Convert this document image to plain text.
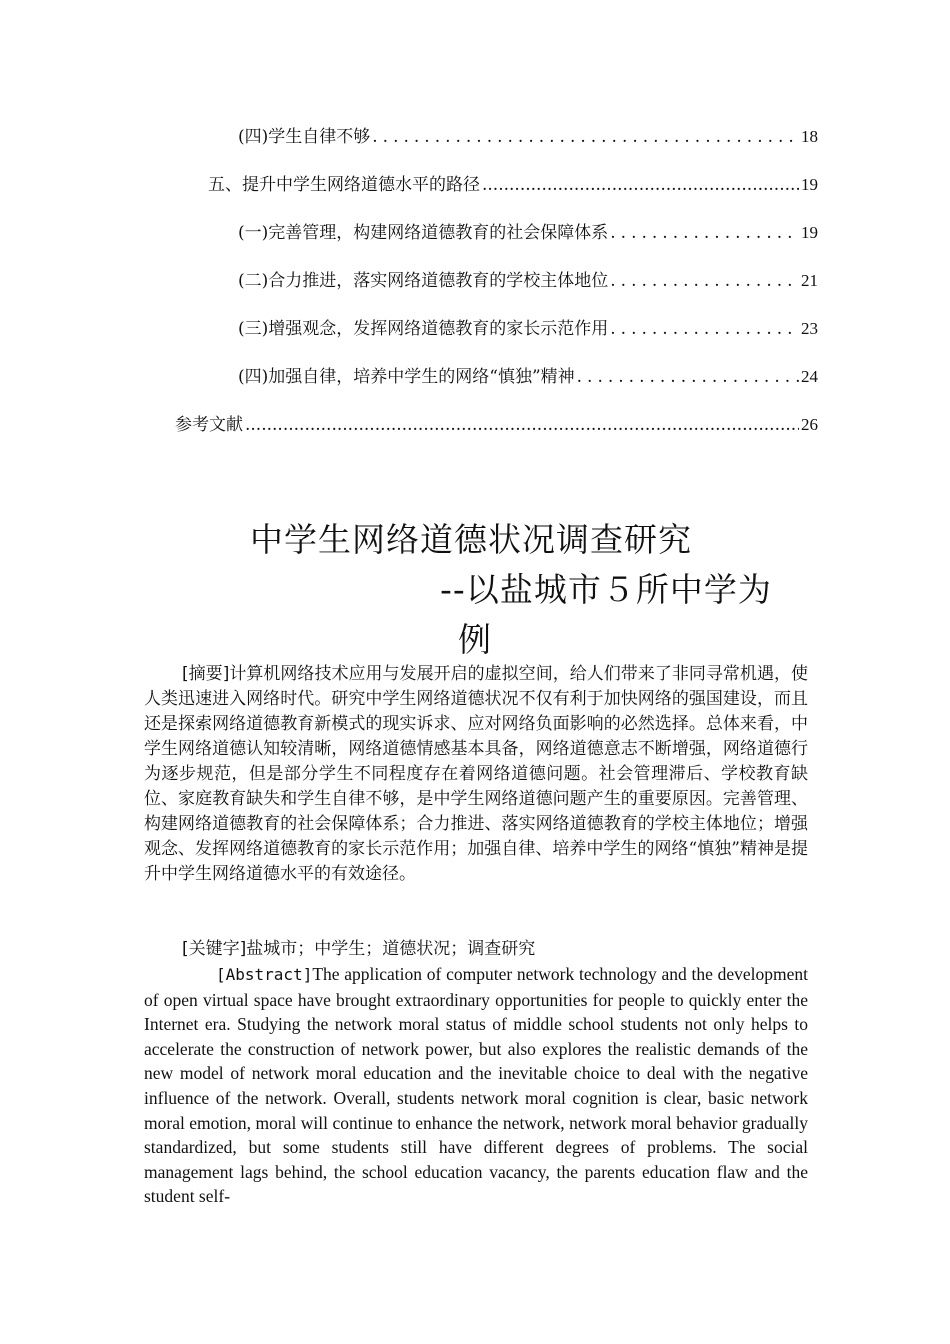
(四)学生自律不够 .....	18
五、提升中学生网络道德水平的路径 .....	19
(一)完善管理，构建网络道德教育的社会保障体系 .....	19
(二)合力推进，落实网络道德教育的学校主体地位 .....	21
(三)增强观念，发挥网络道德教育的家长示范作用 .....	23
(四)加强自律，培养中学生的网络“慎独”精神 .....	24
参考文献 .....	26
中学生网络道德状况调查研究
--以盐城市５所中学为
例
[摘要]计算机网络技术应用与发展开启的虚拟空间，给人们带来了非同寻常机遇，使人类迅速进入网络时代。研究中学生网络道德状况不仅有利于加快网络的强国建设，而且还是探索网络道德教育新模式的现实诉求、应对网络负面影响的必然选择。总体来看，中学生网络道德认知较清晰，网络道德情感基本具备，网络道德意志不断增强，网络道德行为逐步规范，但是部分学生不同程度存在着网络道德问题。社会管理滞后、学校教育缺位、家庭教育缺失和学生自律不够，是中学生网络道德问题产生的重要原因。完善管理、构建网络道德教育的社会保障体系；合力推进、落实网络道德教育的学校主体地位；增强观念、发挥网络道德教育的家长示范作用；加强自律、培养中学生的网络“慎独”精神是提升中学生网络道德水平的有效途径。
[关键字]盐城市；中学生；道德状况；调查研究
[Abstract]The application of computer network technology and the development of open virtual space have brought extraordinary opportunities for people to quickly enter the Internet era. Studying the network moral status of middle school students not only helps to accelerate the construction of network power, but also explores the realistic demands of the new model of network moral education and the inevitable choice to deal with the negative influence of the network. Overall, students network moral cognition is clear, basic network moral emotion, moral will continue to enhance the network, network moral behavior gradually standardized, but some students still have different degrees of problems. The social management lags behind, the school education vacancy, the parents education flaw and the student self-
